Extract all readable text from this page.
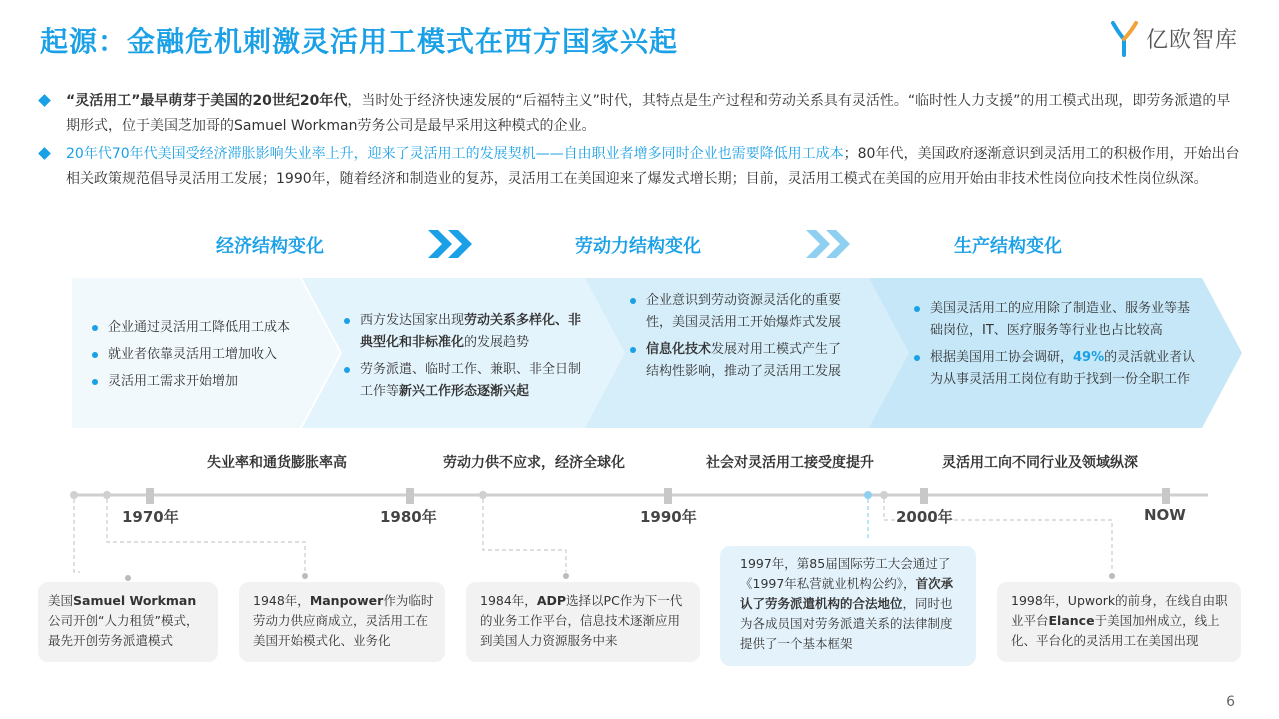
起源：金融危机刺激灵活用工模式在西方国家兴起	亿欧智库
“灵活用工”最早萌芽于美国的20世纪20年代，当时处于经济快速发展的“后福特主义”时代，其特点是生产过程和劳动关系具有灵活性。“临时性人力支援”的用工模式出现，即劳务派遣的早期形式，位于美国芝加哥的Samuel Workman劳务公司是最早采用这种模式的企业。
20年代70年代美国受经济滞胀影响失业率上升，迎来了灵活用工的发展契机——自由职业者增多同时企业也需要降低用工成本；80年代，美国政府逐渐意识到灵活用工的积极作用，开始出台相关政策规范倡导灵活用工发展；1990年，随着经济和制造业的复苏，灵活用工在美国迎来了爆发式增长期；目前，灵活用工模式在美国的应用开始由非技术性岗位向技术性岗位纵深。
经济结构变化	劳动力结构变化	生产结构变化
企业通过灵活用工降低用工成本
就业者依靠灵活用工增加收入
灵活用工需求开始增加
西方发达国家出现劳动关系多样化、非典型化和非标准化的发展趋势
劳务派遣、临时工作、兼职、非全日制工作等新兴工作形态逐渐兴起
企业意识到劳动资源灵活化的重要性，美国灵活用工开始爆炸式发展
信息化技术发展对用工模式产生了结构性影响，推动了灵活用工发展
美国灵活用工的应用除了制造业、服务业等基础岗位，IT、医疗服务等行业也占比较高
根据美国用工协会调研，49%的灵活就业者认为从事灵活用工岗位有助于找到一份全职工作
失业率和通货膨胀率高	劳动力供不应求，经济全球化	社会对灵活用工接受度提升	灵活用工向不同行业及领域纵深
1970年	1980年	1990年	2000年	NOW
美国Samuel Workman公司开创“人力租赁”模式，最先开创劳务派遣模式
1948年，Manpower作为临时劳动力供应商成立，灵活用工在美国开始模式化、业务化
1984年，ADP选择以PC作为下一代的业务工作平台，信息技术逐渐应用到美国人力资源服务中来
1997年，第85届国际劳工大会通过了《1997年私营就业机构公约》，首次承认了劳务派遣机构的合法地位，同时也为各成员国对劳务派遣关系的法律制度提供了一个基本框架
1998年，Upwork的前身，在线自由职业平台Elance于美国加州成立，线上化、平台化的灵活用工在美国出现
6
